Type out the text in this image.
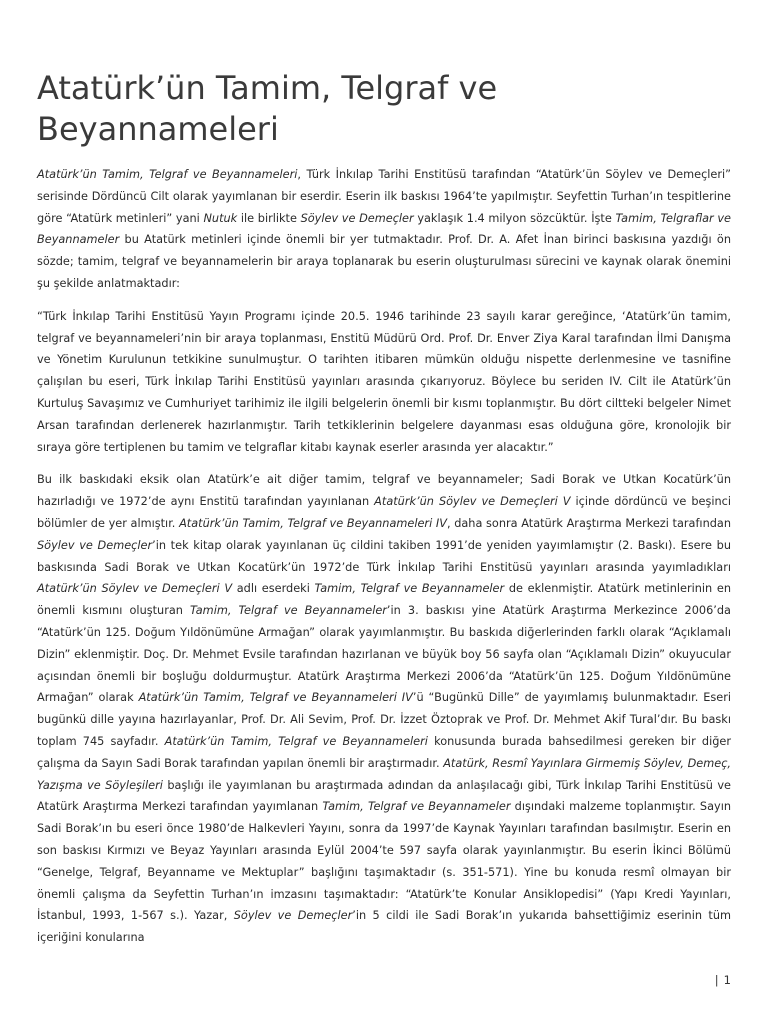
Atatürk’ün Tamim, Telgraf ve Beyannameleri

Atatürk’ün Tamim, Telgraf ve Beyannameleri, Türk İnkılap Tarihi Enstitüsü tarafından “Atatürk’ün Söylev ve Demeçleri” serisinde Dördüncü Cilt olarak yayımlanan bir eserdir. Eserin ilk baskısı 1964’te yapılmıştır. Seyfettin Turhan’ın tespitlerine göre “Atatürk metinleri” yani Nutuk ile birlikte Söylev ve Demeçler yaklaşık 1.4 milyon sözcüktür. İşte Tamim, Telgraflar ve Beyannameler bu Atatürk metinleri içinde önemli bir yer tutmaktadır. Prof. Dr. A. Afet İnan birinci baskısına yazdığı ön sözde; tamim, telgraf ve beyannamelerin bir araya toplanarak bu eserin oluşturulması sürecini ve kaynak olarak önemini şu şekilde anlatmaktadır:

“Türk İnkılap Tarihi Enstitüsü Yayın Programı içinde 20.5. 1946 tarihinde 23 sayılı karar gereğince, ‘Atatürk’ün tamim, telgraf ve beyannameleri’nin bir araya toplanması, Enstitü Müdürü Ord. Prof. Dr. Enver Ziya Karal tarafından İlmi Danışma ve Yönetim Kurulunun tetkikine sunulmuştur. O tarihten itibaren mümkün olduğu nispette derlenmesine ve tasnifine çalışılan bu eseri, Türk İnkılap Tarihi Enstitüsü yayınları arasında çıkarıyoruz. Böylece bu seriden IV. Cilt ile Atatürk’ün Kurtuluş Savaşımız ve Cumhuriyet tarihimiz ile ilgili belgelerin önemli bir kısmı toplanmıştır. Bu dört ciltteki belgeler Nimet Arsan tarafından derlenerek hazırlanmıştır. Tarih tetkiklerinin belgelere dayanması esas olduğuna göre, kronolojik bir sıraya göre tertiplenen bu tamim ve telgraflar kitabı kaynak eserler arasında yer alacaktır.”

Bu ilk baskıdaki eksik olan Atatürk’e ait diğer tamim, telgraf ve beyannameler; Sadi Borak ve Utkan Kocatürk’ün hazırladığı ve 1972’de aynı Enstitü tarafından yayınlanan Atatürk’ün Söylev ve Demeçleri V içinde dördüncü ve beşinci bölümler de yer almıştır. Atatürk’ün Tamim, Telgraf ve Beyannameleri IV, daha sonra Atatürk Araştırma Merkezi tarafından Söylev ve Demeçler’in tek kitap olarak yayınlanan üç cildini takiben 1991’de yeniden yayımlamıştır (2. Baskı). Esere bu baskısında Sadi Borak ve Utkan Kocatürk’ün 1972’de Türk İnkılap Tarihi Enstitüsü yayınları arasında yayımladıkları Atatürk’ün Söylev ve Demeçleri V adlı eserdeki Tamim, Telgraf ve Beyannameler de eklenmiştir. Atatürk metinlerinin en önemli kısmını oluşturan Tamim, Telgraf ve Beyannameler’in 3. baskısı yine Atatürk Araştırma Merkezince 2006’da “Atatürk’ün 125. Doğum Yıldönümüne Armağan” olarak yayımlanmıştır. Bu baskıda diğerlerinden farklı olarak “Açıklamalı Dizin” eklenmiştir. Doç. Dr. Mehmet Evsile tarafından hazırlanan ve büyük boy 56 sayfa olan “Açıklamalı Dizin” okuyucular açısından önemli bir boşluğu doldurmuştur. Atatürk Araştırma Merkezi 2006’da “Atatürk’ün 125. Doğum Yıldönümüne Armağan” olarak Atatürk’ün Tamim, Telgraf ve Beyannameleri IV’ü “Bugünkü Dille” de yayımlamış bulunmaktadır. Eseri bugünkü dille yayına hazırlayanlar, Prof. Dr. Ali Sevim, Prof. Dr. İzzet Öztoprak ve Prof. Dr. Mehmet Akif Tural’dır. Bu baskı toplam 745 sayfadır. Atatürk’ün Tamim, Telgraf ve Beyannameleri konusunda burada bahsedilmesi gereken bir diğer çalışma da Sayın Sadi Borak tarafından yapılan önemli bir araştırmadır. Atatürk, Resmî Yayınlara Girmemiş Söylev, Demeç, Yazışma ve Söyleşileri başlığı ile yayımlanan bu araştırmada adından da anlaşılacağı gibi, Türk İnkılap Tarihi Enstitüsü ve Atatürk Araştırma Merkezi tarafından yayımlanan Tamim, Telgraf ve Beyannameler dışındaki malzeme toplanmıştır. Sayın Sadi Borak’ın bu eseri önce 1980’de Halkevleri Yayını, sonra da 1997’de Kaynak Yayınları tarafından basılmıştır. Eserin en son baskısı Kırmızı ve Beyaz Yayınları arasında Eylül 2004’te 597 sayfa olarak yayınlanmıştır. Bu eserin İkinci Bölümü “Genelge, Telgraf, Beyanname ve Mektuplar” başlığını taşımaktadır (s. 351-571). Yine bu konuda resmî olmayan bir önemli çalışma da Seyfettin Turhan’ın imzasını taşımaktadır: “Atatürk’te Konular Ansiklopedisi” (Yapı Kredi Yayınları, İstanbul, 1993, 1-567 s.). Yazar, Söylev ve Demeçler’in 5 cildi ile Sadi Borak’ın yukarıda bahsettiğimiz eserinin tüm içeriğini konularına

| 1
